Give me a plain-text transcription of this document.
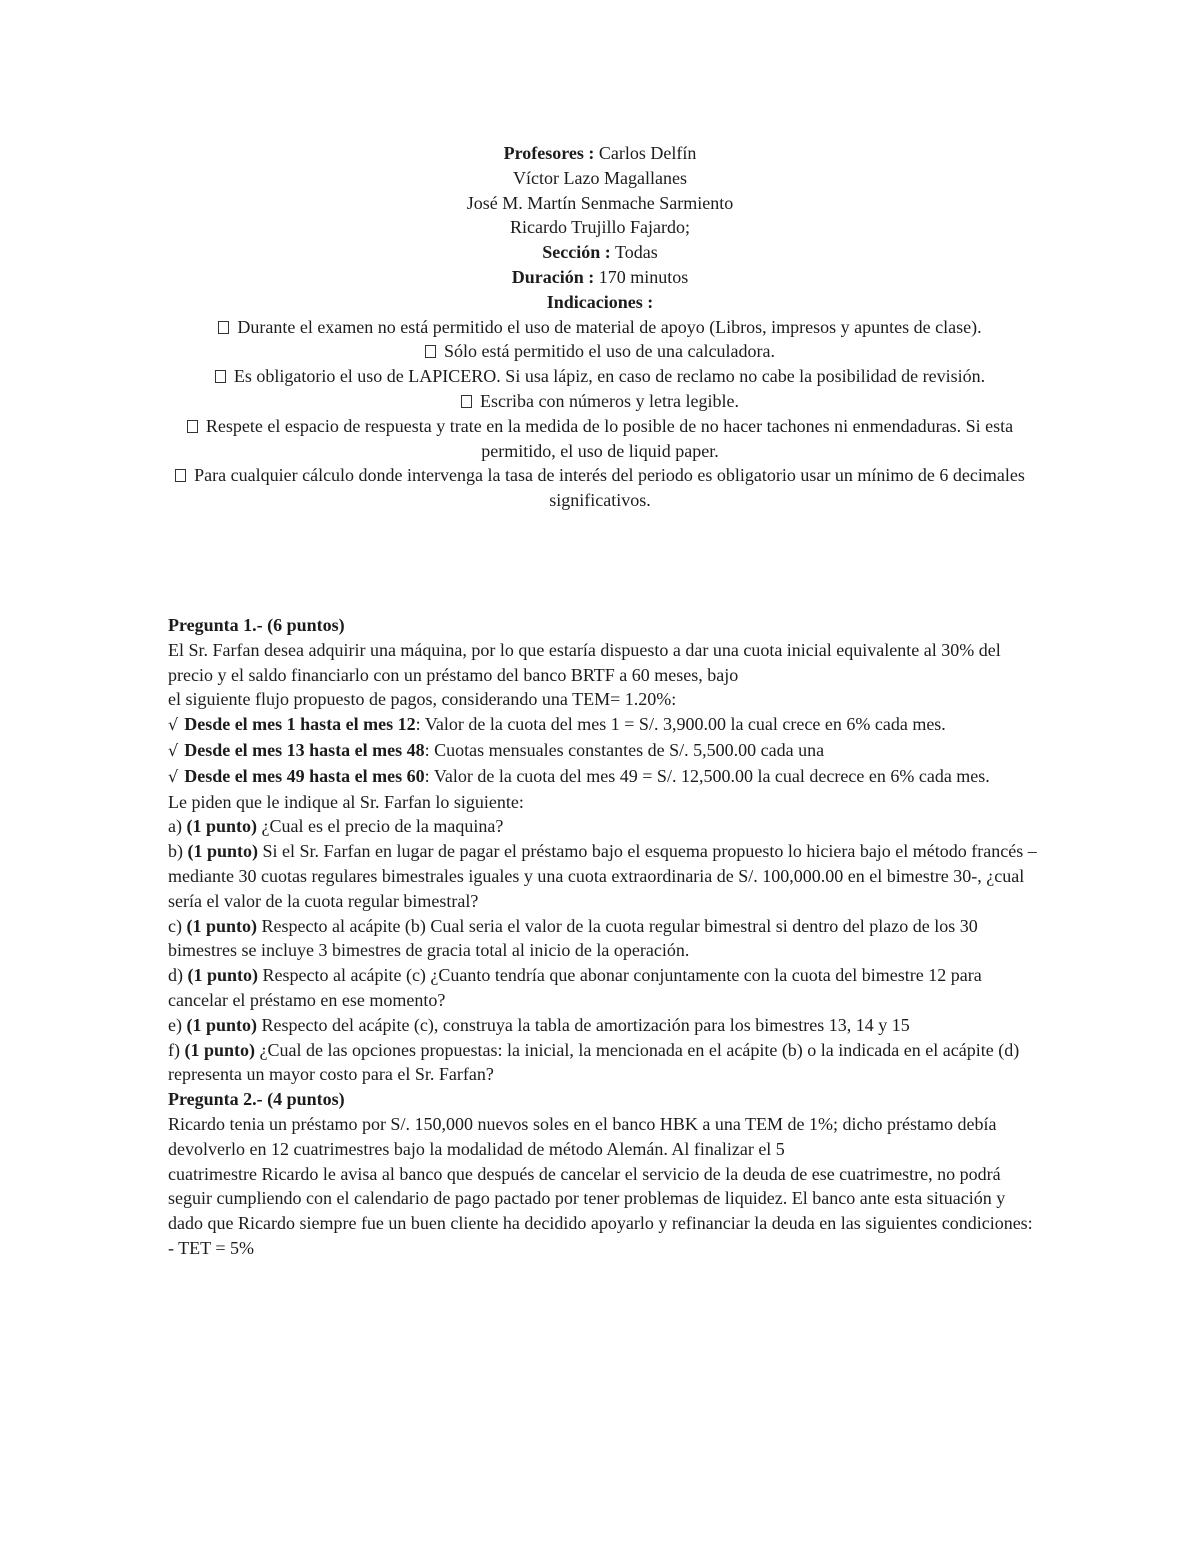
Profesores : Carlos Delfín

Víctor Lazo Magallanes

José M. Martín Senmache Sarmiento

Ricardo Trujillo Fajardo;

Sección : Todas

Duración : 170 minutos

Indicaciones :

Durante el examen no está permitido el uso de material de apoyo (Libros, impresos y apuntes de clase).

Sólo está permitido el uso de una calculadora.

Es obligatorio el uso de LAPICERO. Si usa lápiz, en caso de reclamo no cabe la posibilidad de revisión.

Escriba con números y letra legible.

Respete el espacio de respuesta y trate en la medida de lo posible de no hacer tachones ni enmendaduras. Si esta permitido, el uso de liquid paper.

Para cualquier cálculo donde intervenga la tasa de interés del periodo es obligatorio usar un mínimo de 6 decimales significativos.

Pregunta 1.- (6 puntos)

El Sr. Farfan desea adquirir una máquina, por lo que estaría dispuesto a dar una cuota inicial equivalente al 30% del precio y el saldo financiarlo con un préstamo del banco BRTF a 60 meses, bajo

el siguiente flujo propuesto de pagos, considerando una TEM= 1.20%:

√ Desde el mes 1 hasta el mes 12: Valor de la cuota del mes 1 = S/. 3,900.00 la cual crece en 6% cada mes.

√ Desde el mes 13 hasta el mes 48: Cuotas mensuales constantes de S/. 5,500.00 cada una

√ Desde el mes 49 hasta el mes 60: Valor de la cuota del mes 49 = S/. 12,500.00 la cual decrece en 6% cada mes.

Le piden que le indique al Sr. Farfan lo siguiente:

a) (1 punto) ¿Cual es el precio de la maquina?

b) (1 punto) Si el Sr. Farfan en lugar de pagar el préstamo bajo el esquema propuesto lo hiciera bajo el método francés – mediante 30 cuotas regulares bimestrales iguales y una cuota extraordinaria de S/. 100,000.00 en el bimestre 30-, ¿cual sería el valor de la cuota regular bimestral?

c) (1 punto) Respecto al acápite (b) Cual seria el valor de la cuota regular bimestral si dentro del plazo de los 30 bimestres se incluye 3 bimestres de gracia total al inicio de la operación.

d) (1 punto) Respecto al acápite (c) ¿Cuanto tendría que abonar conjuntamente con la cuota del bimestre 12 para cancelar el préstamo en ese momento?

e) (1 punto) Respecto del acápite (c), construya la tabla de amortización para los bimestres 13, 14 y 15

f) (1 punto) ¿Cual de las opciones propuestas: la inicial, la mencionada en el acápite (b) o la indicada en el acápite (d) representa un mayor costo para el Sr. Farfan?

Pregunta 2.- (4 puntos)

Ricardo tenia un préstamo por S/. 150,000 nuevos soles en el banco HBK a una TEM de 1%; dicho préstamo debía devolverlo en 12 cuatrimestres bajo la modalidad de método Alemán. Al finalizar el 5

cuatrimestre Ricardo le avisa al banco que después de cancelar el servicio de la deuda de ese cuatrimestre, no podrá seguir cumpliendo con el calendario de pago pactado por tener problemas de liquidez. El banco ante esta situación y dado que Ricardo siempre fue un buen cliente ha decidido apoyarlo y refinanciar la deuda en las siguientes condiciones:

- TET = 5%
